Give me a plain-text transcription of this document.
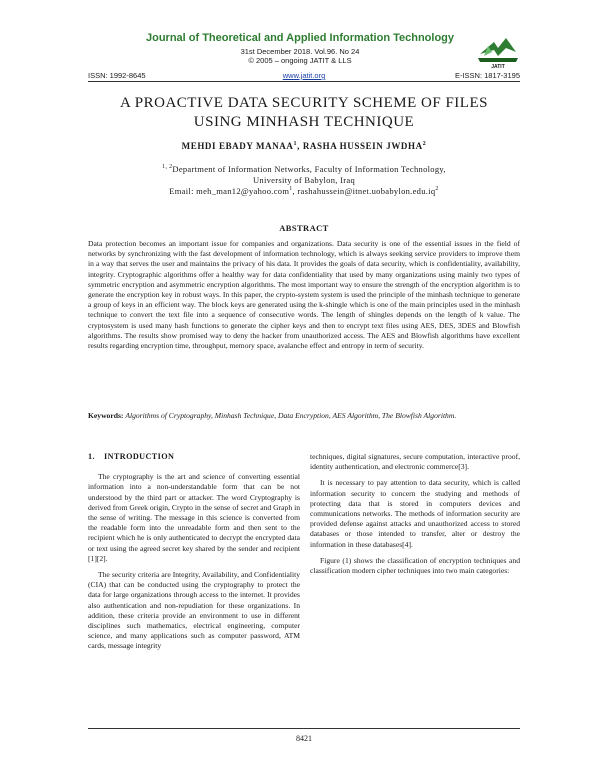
Journal of Theoretical and Applied Information Technology
31st December 2018. Vol.96. No 24
© 2005 – ongoing JATIT & LLS
JATIT
ISSN: 1992-8645	www.jatit.org	E-ISSN: 1817-3195
A PROACTIVE DATA SECURITY SCHEME OF FILES
USING MINHASH TECHNIQUE
MEHDI EBADY MANAA$^1$, RASHA HUSSEIN JWDHA$^2$
$^{1, 2}$Department of Information Networks, Faculty of Information Technology,
University of Babylon, Iraq
Email: meh_man12@yahoo.com$^1$, $rashahussein@itnet.uobabylon.edu.iq^2$
ABSTRACT
Data protection becomes an important issue for companies and organizations. Data security is one of the essential issues in the field of networks by synchronizing with the fast development of information technology, which is always seeking service providers to improve them in a way that serves the user and maintains the privacy of his data. It provides the goals of data security, which is confidentiality, availability, integrity. Cryptographic algorithms offer a healthy way for data confidentiality that used by many organizations using mainly two types of symmetric encryption and asymmetric encryption algorithms. The most important way to ensure the strength of the encryption algorithm is to generate the encryption key in robust ways. In this paper, the crypto-system system is used the principle of the minhash technique to generate a group of keys in an efficient way. The block keys are generated using the k-shingle which is one of the main principles used in the minhash technique to convert the text file into a sequence of consecutive words. The length of shingles depends on the length of k value. The cryptosystem is used many hash functions to generate the cipher keys and then to encrypt text files using AES, DES, 3DES and Blowfish algorithms. The results show promised way to deny the hacker from unauthorized access. The AES and Blowfish algorithms have excellent results regarding encryption time, throughput, memory space, avalanche effect and entropy in term of security.
Keywords: Algorithms of Cryptography, Minhash Technique, Data Encryption, AES Algorithm, The Blowfish Algorithm.
1. INTRODUCTION

The cryptography is the art and science of converting essential information into a non-understandable form that can be not understood by the third part or attacker. The word Cryptography is derived from Greek origin, Crypto in the sense of secret and Graph in the sense of writing. The message in this science is converted from the readable form into the unreadable form and then sent to the recipient which he is only authenticated to decrypt the encrypted data or text using the agreed secret key shared by the sender and recipient [1][2].

The security criteria are Integrity, Availability, and Confidentiality (CIA) that can be conducted using the cryptography to protect the data for large organizations through access to the internet. It provides also authentication and non-repudiation for these organizations. In addition, these criteria provide an environment to use in different disciplines such mathematics, electrical engineering, computer science, and many applications such as computer password, ATM cards, message integrity

techniques, digital signatures, secure computation, interactive proof, identity authentication, and electronic commerce[3].

It is necessary to pay attention to data security, which is called information security to concern the studying and methods of protecting data that is stored in computers devices and communications networks. The methods of information security are provided defense against attacks and unauthorized access to stored databases or those intended to transfer, alter or destroy the information in these databases[4].

Figure (1) shows the classification of encryption techniques and classification modern cipher techniques into two main categories:

8421
